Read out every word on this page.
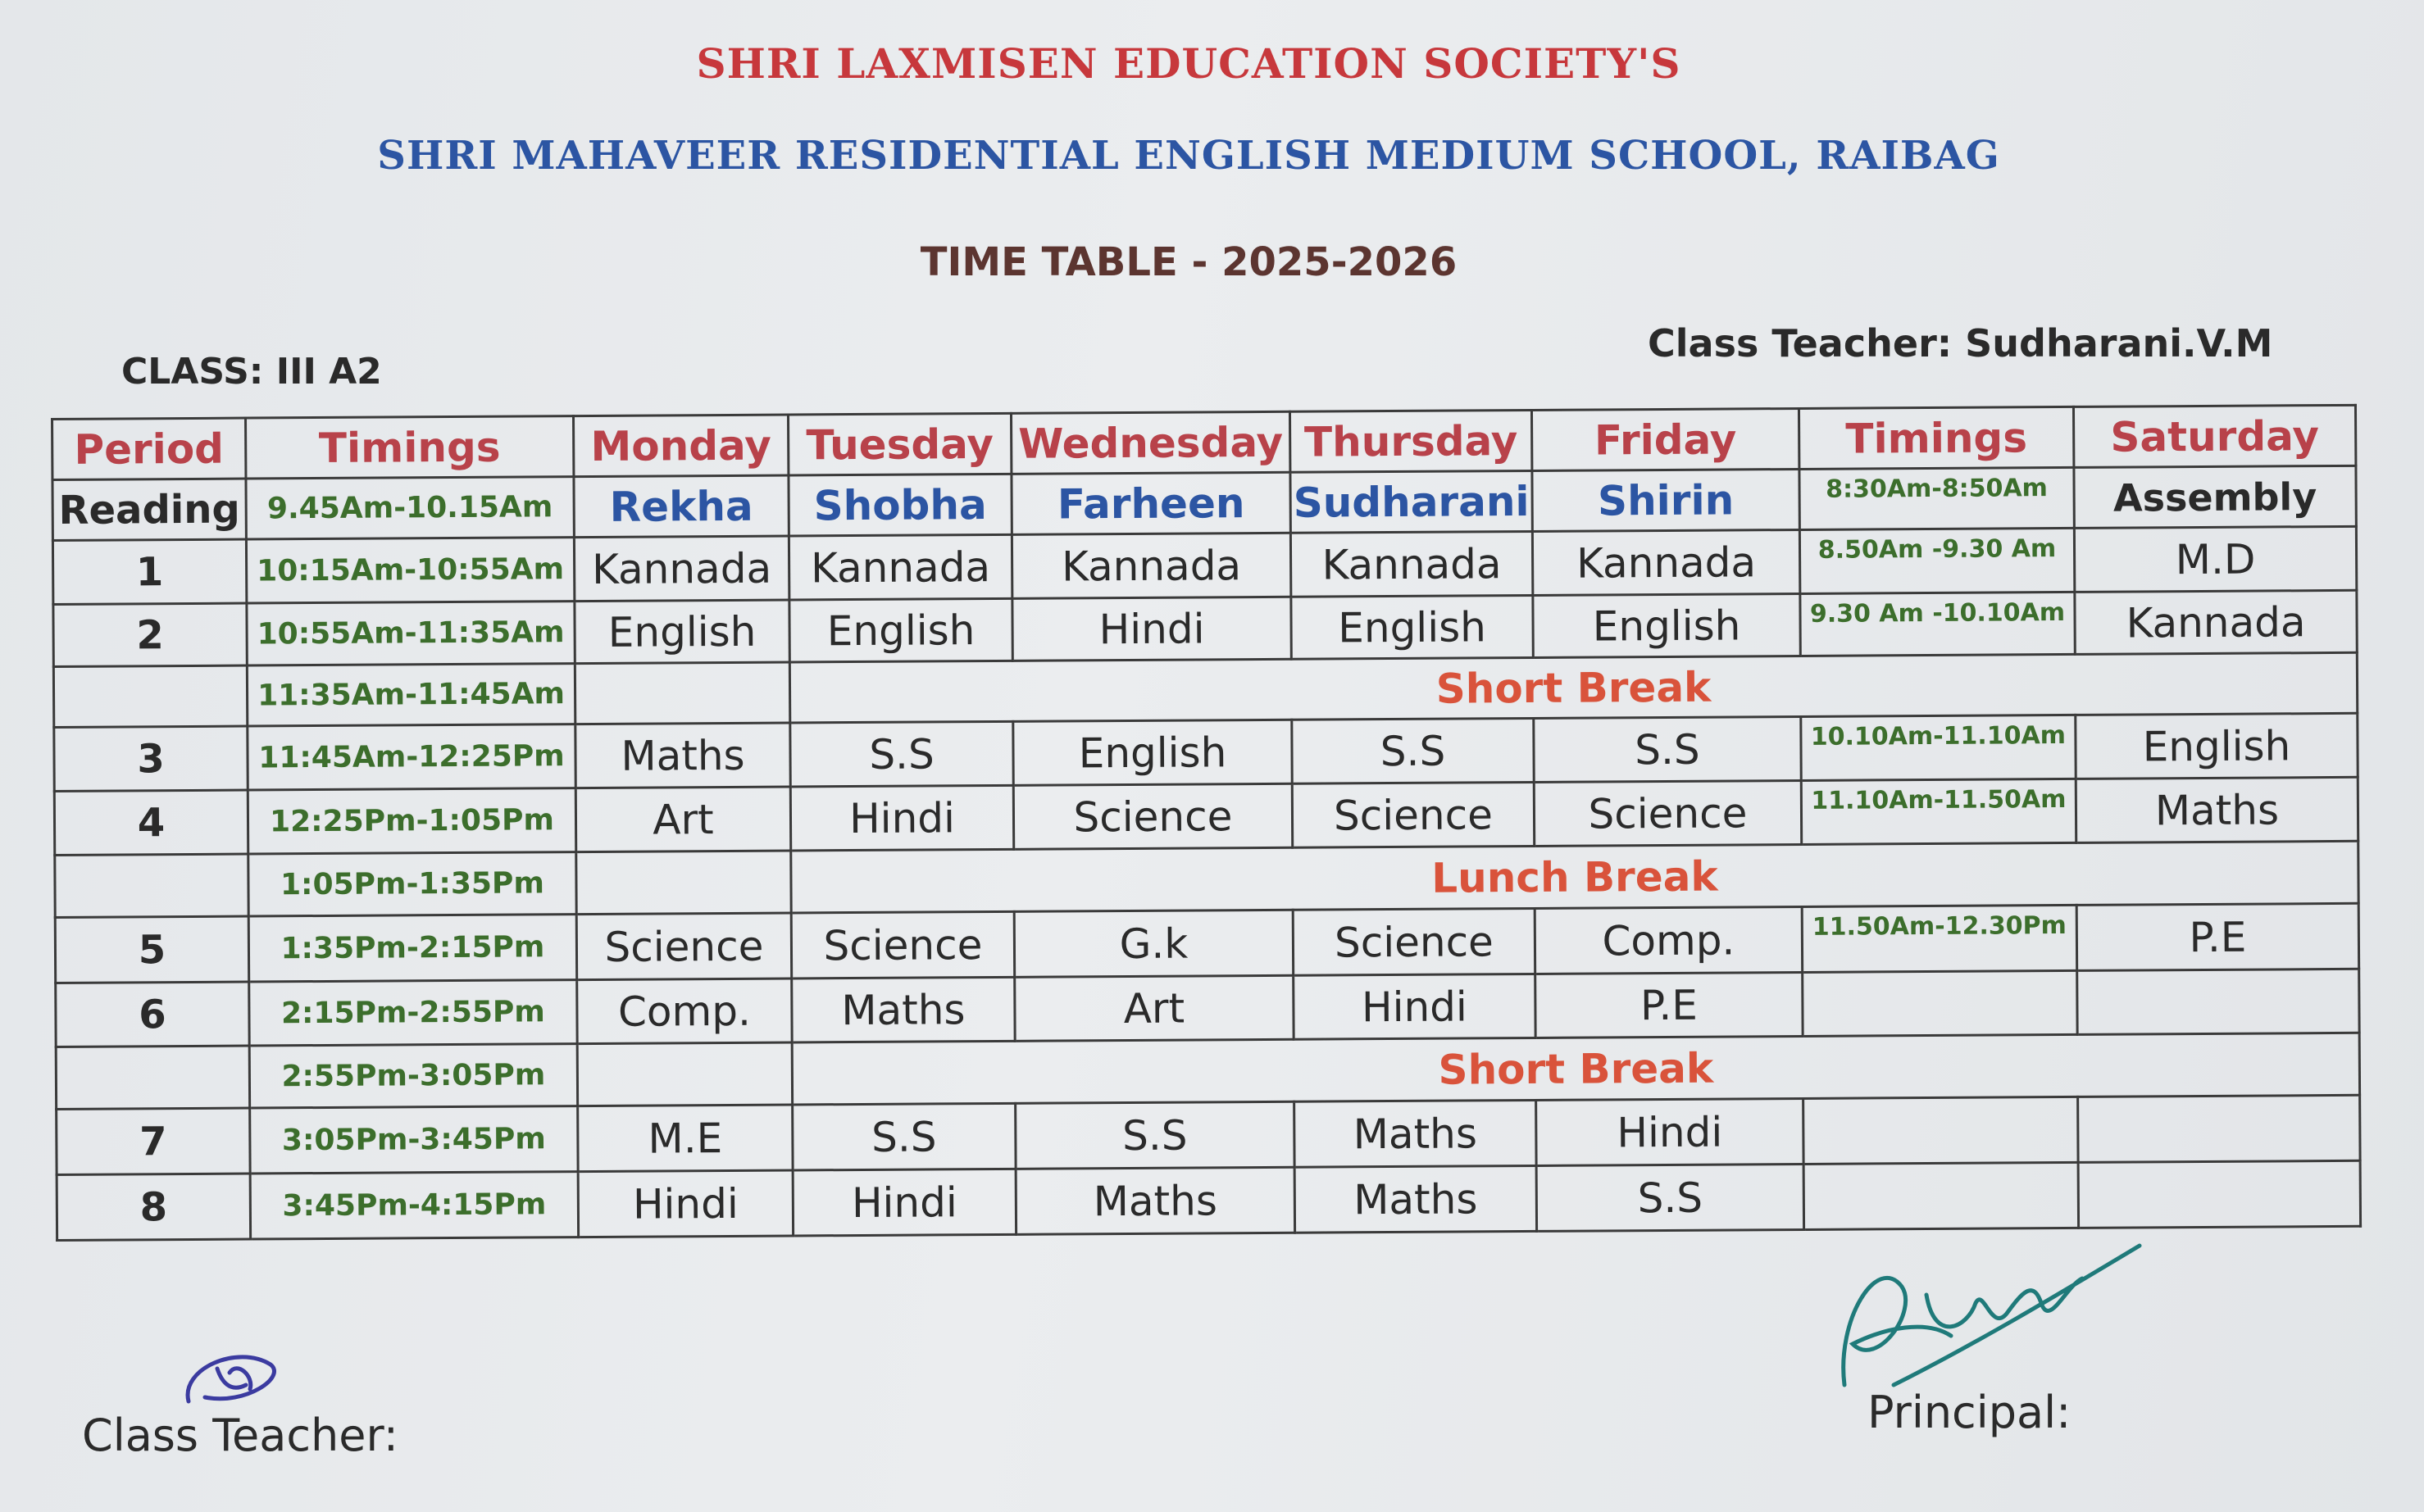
SHRI LAXMISEN EDUCATION SOCIETY'S
SHRI MAHAVEER RESIDENTIAL ENGLISH MEDIUM SCHOOL, RAIBAG
TIME TABLE - 2025-2026
CLASS: III A2
Class Teacher: Sudharani.V.M
Period	Timings	Monday	Tuesday	Wednesday	Thursday	Friday	Timings	Saturday
Reading	9.45Am-10.15Am	Rekha	Shobha	Farheen	Sudharani	Shirin	8:30Am-8:50Am	Assembly
1	10:15Am-10:55Am	Kannada	Kannada	Kannada	Kannada	Kannada	8.50Am -9.30 Am	M.D
2	10:55Am-11:35Am	English	English	Hindi	English	English	9.30 Am -10.10Am	Kannada
	11:35Am-11:45Am		Short Break					
3	11:45Am-12:25Pm	Maths	S.S	English	S.S	S.S	10.10Am-11.10Am	English
4	12:25Pm-1:05Pm	Art	Hindi	Science	Science	Science	11.10Am-11.50Am	Maths
	1:05Pm-1:35Pm		Lunch Break					
5	1:35Pm-2:15Pm	Science	Science	G.k	Science	Comp.	11.50Am-12.30Pm	P.E
6	2:15Pm-2:55Pm	Comp.	Maths	Art	Hindi	P.E		
	2:55Pm-3:05Pm		Short Break					
7	3:05Pm-3:45Pm	M.E	S.S	S.S	Maths	Hindi		
8	3:45Pm-4:15Pm	Hindi	Hindi	Maths	Maths	S.S		
Class Teacher:	Principal:
